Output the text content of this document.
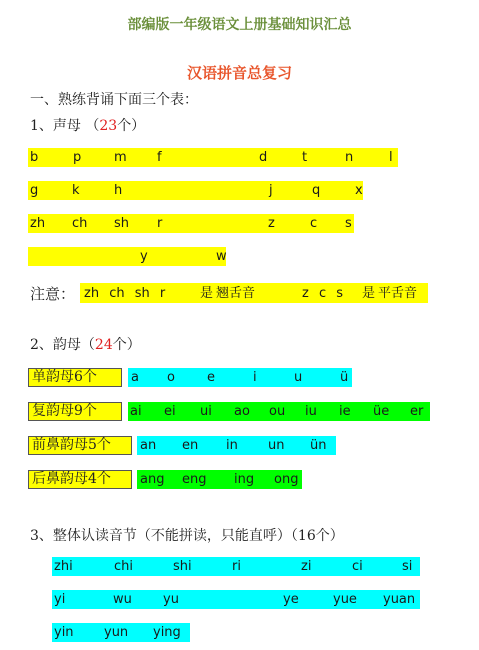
部编版一年级语文上册基础知识汇总
汉语拼音总复习
一、熟练背诵下面三个表：
1、声母 （23个）
b	p	m f	d	t	n	l
g	k	h	j	q	x
zh ch sh r	z	c s
y	w
注意： zh ch sh r	是 翘舌音	z c s 是 平舌音
2、韵母（24个）
单韵母6个	a o e	i	u	ü
复韵母9个	ai ei ui ao ou iu ie üe er
前鼻韵母5个	an en in un ün
后鼻韵母4个	ang eng ing ong
3、整体认读音节（不能拼读，只能直呼）（16个）
zhi	chi	shi	ri	zi	ci	si
yi	wu yu	ye	yue yuan
yin yun ying
